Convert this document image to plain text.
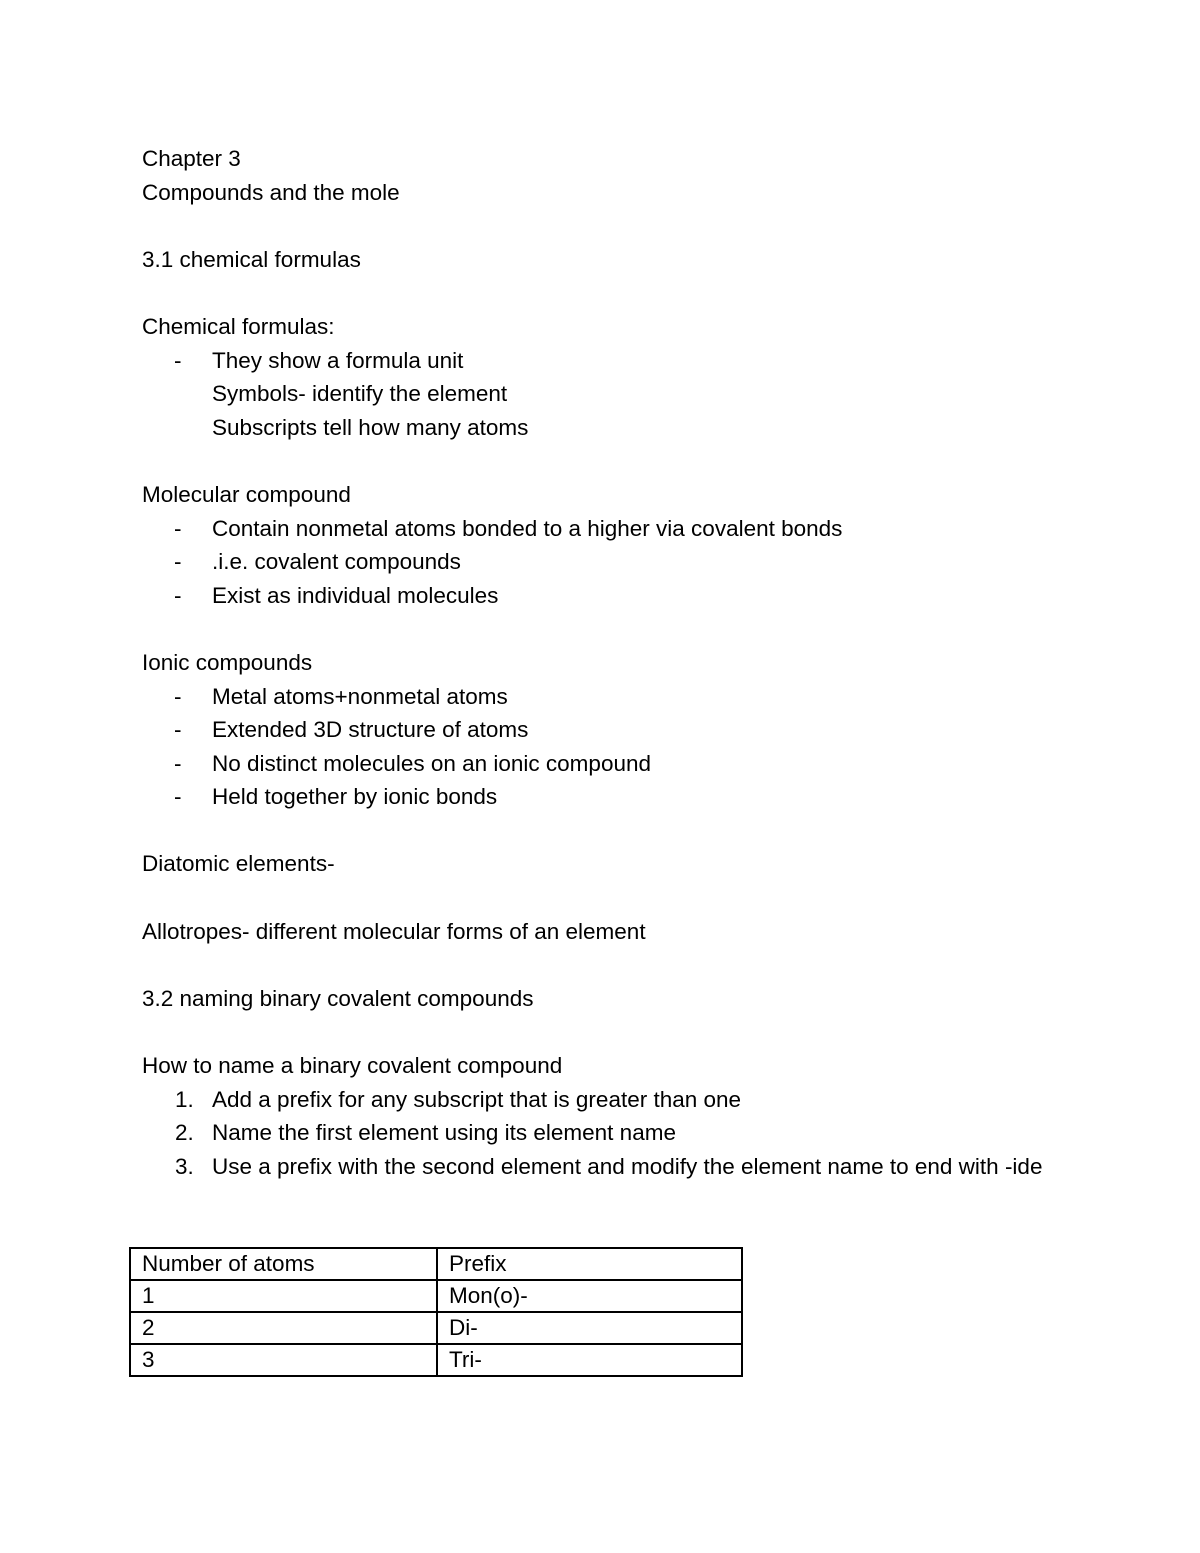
Chapter 3
Compounds and the mole
3.1 chemical formulas
Chemical formulas:
- They show a formula unit
Symbols- identify the element
Subscripts tell how many atoms
Molecular compound
- Contain nonmetal atoms bonded to a higher via covalent bonds
- .i.e. covalent compounds
- Exist as individual molecules
Ionic compounds
- Metal atoms+nonmetal atoms
- Extended 3D structure of atoms
- No distinct molecules on an ionic compound
- Held together by ionic bonds
Diatomic elements-
Allotropes- different molecular forms of an element
3.2 naming binary covalent compounds
How to name a binary covalent compound
1. Add a prefix for any subscript that is greater than one
2. Name the first element using its element name
3. Use a prefix with the second element and modify the element name to end with -ide
Number of atoms	Prefix
1	Mon(o)-
2	Di-
3	Tri-
